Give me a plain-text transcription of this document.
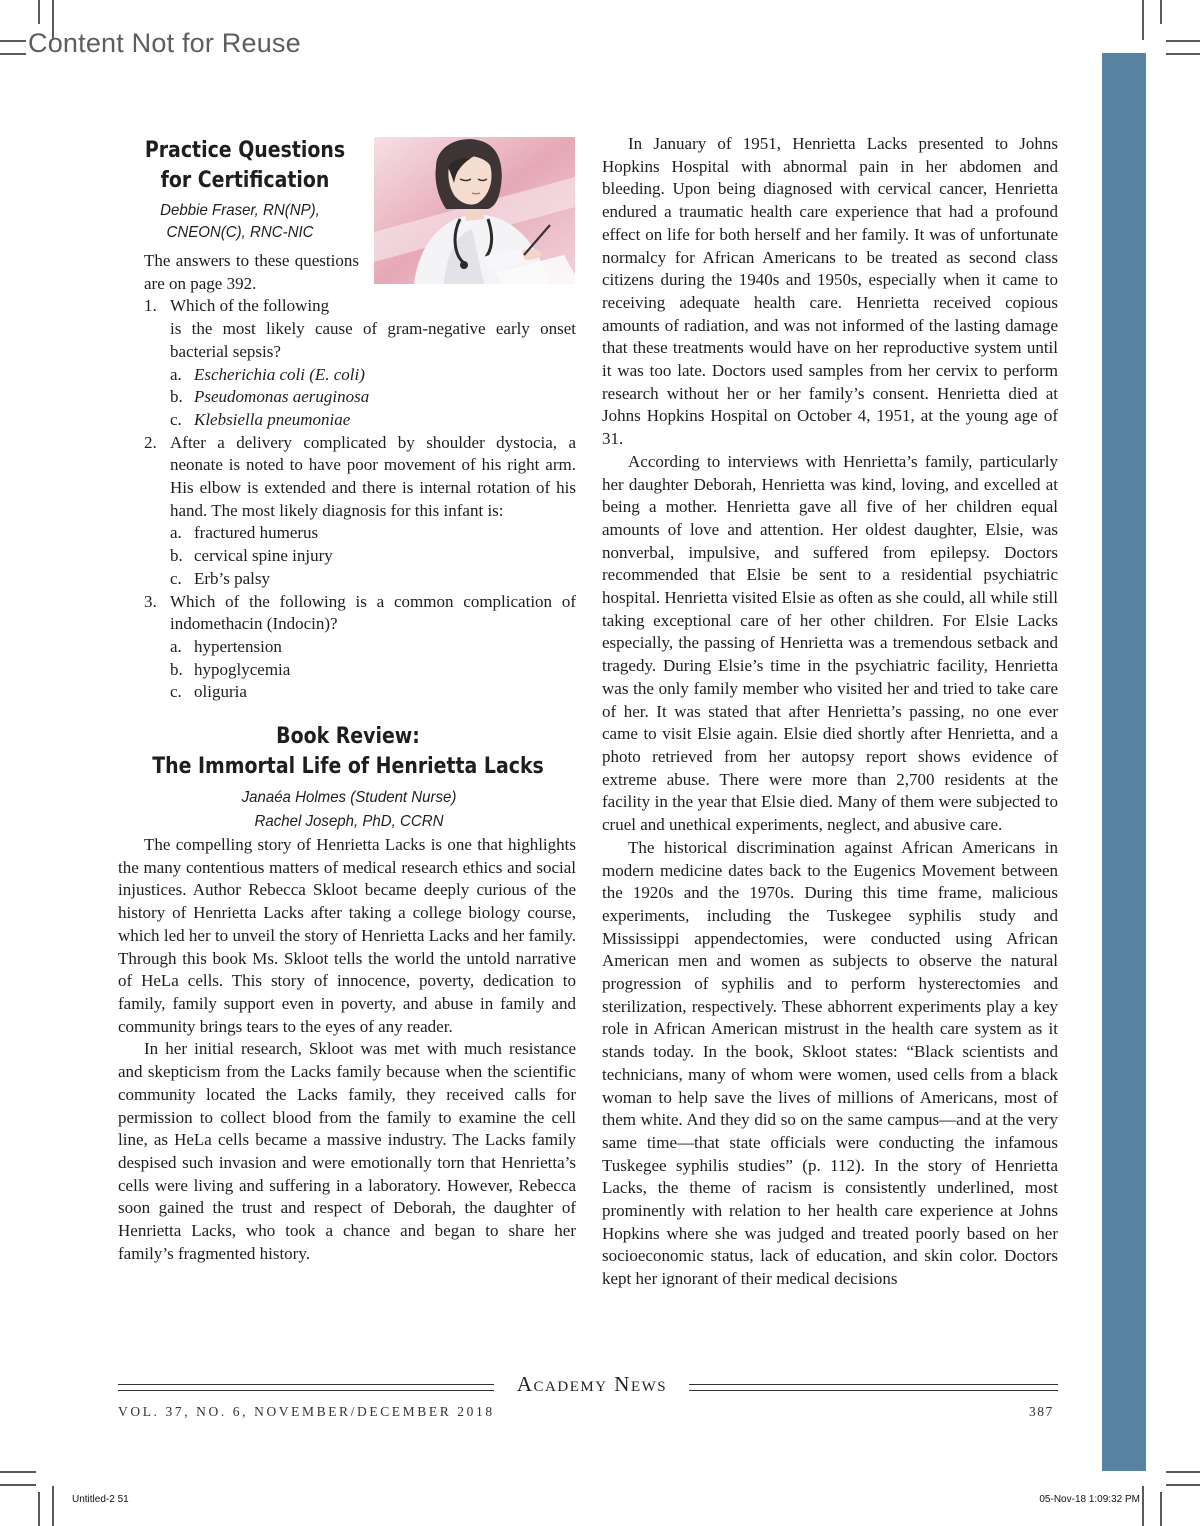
Content Not for Reuse
Practice Questions
for Certification
Debbie Fraser, RN(NP),
CNEON(C), RNC-NIC
The answers to these questions are on page 392.
1. Which of the following
is the most likely cause of gram-negative early onset bacterial sepsis?
a. Escherichia coli (E. coli)
b. Pseudomonas aeruginosa
c. Klebsiella pneumoniae
2. After a delivery complicated by shoulder dystocia, a neonate is noted to have poor movement of his right arm. His elbow is extended and there is internal rotation of his hand. The most likely diagnosis for this infant is:
a. fractured humerus
b. cervical spine injury
c. Erb’s palsy
3. Which of the following is a common complication of indomethacin (Indocin)?
a. hypertension
b. hypoglycemia
c. oliguria
Book Review:
The Immortal Life of Henrietta Lacks
Janaéa Holmes (Student Nurse)
Rachel Joseph, PhD, CCRN

The compelling story of Henrietta Lacks is one that highlights the many contentious matters of medical research ethics and social injustices. Author Rebecca Skloot became deeply curious of the history of Henrietta Lacks after taking a college biology course, which led her to unveil the story of Henrietta Lacks and her family. Through this book Ms. Skloot tells the world the untold narrative of HeLa cells. This story of innocence, poverty, dedication to family, family support even in poverty, and abuse in family and community brings tears to the eyes of any reader.

In her initial research, Skloot was met with much resistance and skepticism from the Lacks family because when the scientific community located the Lacks family, they received calls for permission to collect blood from the family to examine the cell line, as HeLa cells became a massive industry. The Lacks family despised such invasion and were emotionally torn that Henrietta’s cells were living and suffering in a laboratory. However, Rebecca soon gained the trust and respect of Deborah, the daughter of Henrietta Lacks, who took a chance and began to share her family’s fragmented history.

In January of 1951, Henrietta Lacks presented to Johns Hopkins Hospital with abnormal pain in her abdomen and bleeding. Upon being diagnosed with cervical cancer, Henrietta endured a traumatic health care experience that had a profound effect on life for both herself and her family. It was of unfortunate normalcy for African Americans to be treated as second class citizens during the 1940s and 1950s, especially when it came to receiving adequate health care. Henrietta received copious amounts of radiation, and was not informed of the lasting damage that these treatments would have on her reproductive system until it was too late. Doctors used samples from her cervix to perform research without her or her family’s consent. Henrietta died at Johns Hopkins Hospital on October 4, 1951, at the young age of 31.

According to interviews with Henrietta’s family, particularly her daughter Deborah, Henrietta was kind, loving, and excelled at being a mother. Henrietta gave all five of her children equal amounts of love and attention. Her oldest daughter, Elsie, was nonverbal, impulsive, and suffered from epilepsy. Doctors recommended that Elsie be sent to a residential psychiatric hospital. Henrietta visited Elsie as often as she could, all while still taking exceptional care of her other children. For Elsie Lacks especially, the passing of Henrietta was a tremendous setback and tragedy. During Elsie’s time in the psychiatric facility, Henrietta was the only family member who visited her and tried to take care of her. It was stated that after Henrietta’s passing, no one ever came to visit Elsie again. Elsie died shortly after Henrietta, and a photo retrieved from her autopsy report shows evidence of extreme abuse. There were more than 2,700 residents at the facility in the year that Elsie died. Many of them were subjected to cruel and unethical experiments, neglect, and abusive care.

The historical discrimination against African Americans in modern medicine dates back to the Eugenics Movement between the 1920s and the 1970s. During this time frame, malicious experiments, including the Tuskegee syphilis study and Mississippi appendectomies, were conducted using African American men and women as subjects to observe the natural progression of syphilis and to perform hysterectomies and sterilization, respectively. These abhorrent experiments play a key role in African American mistrust in the health care system as it stands today. In the book, Skloot states: “Black scientists and technicians, many of whom were women, used cells from a black woman to help save the lives of millions of Americans, most of them white. And they did so on the same campus—and at the very same time—that state officials were conducting the infamous Tuskegee syphilis studies” (p. 112). In the story of Henrietta Lacks, the theme of racism is consistently underlined, most prominently with relation to her health care experience at Johns Hopkins where she was judged and treated poorly based on her socioeconomic status, lack of education, and skin color. Doctors kept her ignorant of their medical decisions

Academy News
VOL. 37, NO. 6, NOVEMBER/DECEMBER 2018	387
Untitled-2 51	05-Nov-18 1:09:32 PM
